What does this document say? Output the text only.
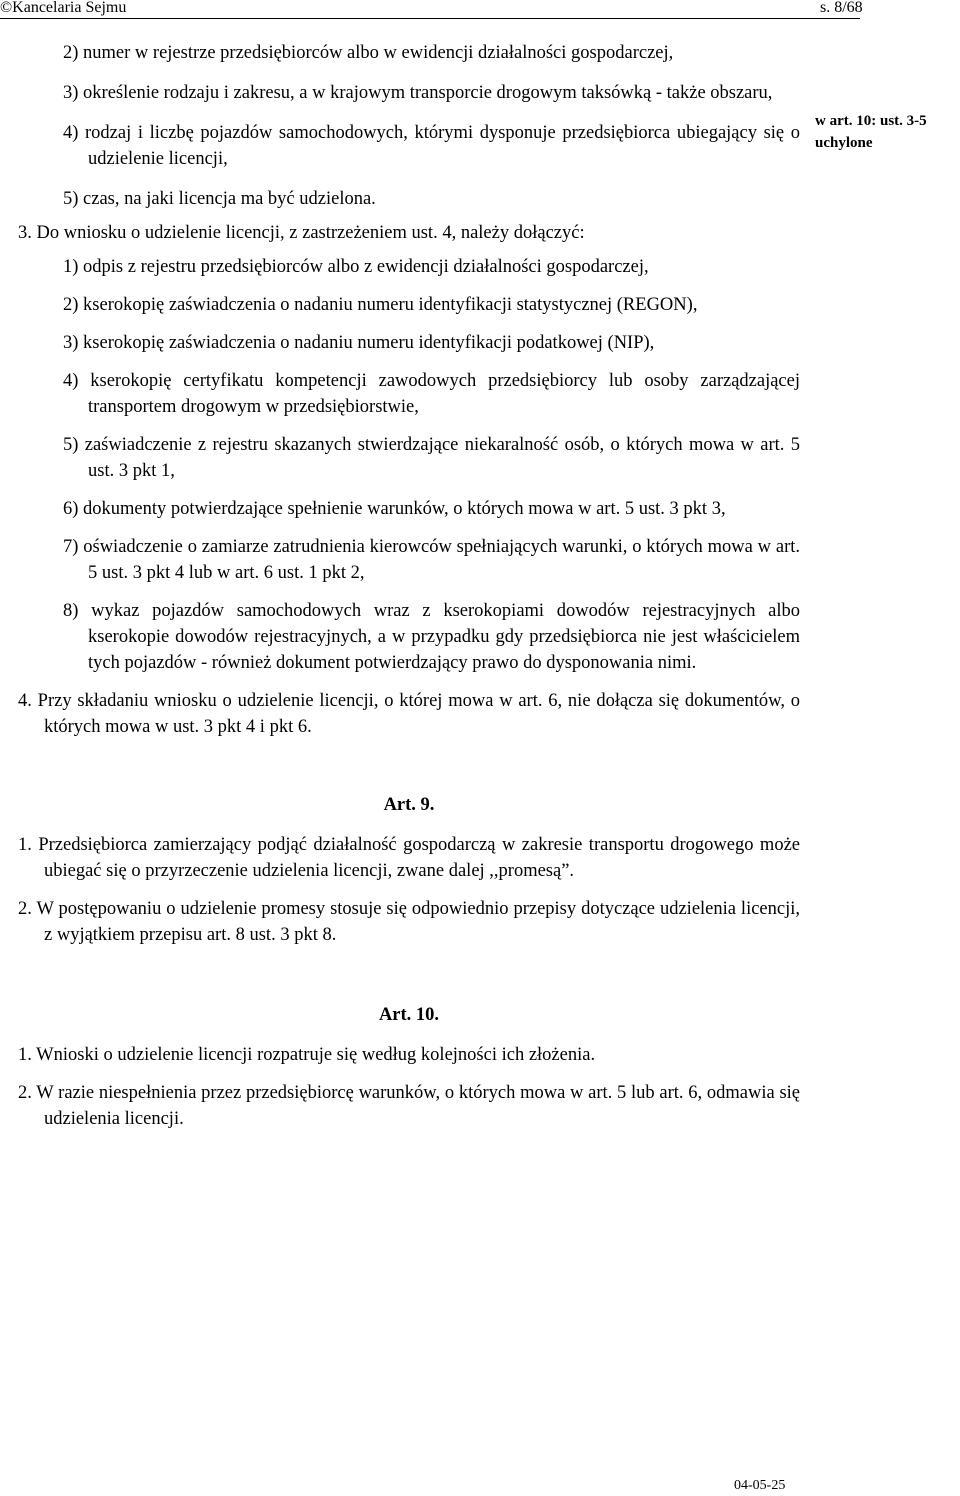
©Kancelaria Sejmu	s. 8/68
w art. 10: ust. 3-5
uchylone

2) numer w rejestrze przedsiębiorców albo w ewidencji działalności gospodarczej,

3) określenie rodzaju i zakresu, a w krajowym transporcie drogowym taksówką - także obszaru,

4) rodzaj i liczbę pojazdów samochodowych, którymi dysponuje przedsiębiorca ubiegający się o udzielenie licencji,

5) czas, na jaki licencja ma być udzielona.

3. Do wniosku o udzielenie licencji, z zastrzeżeniem ust. 4, należy dołączyć:

1) odpis z rejestru przedsiębiorców albo z ewidencji działalności gospodarczej,

2) kserokopię zaświadczenia o nadaniu numeru identyfikacji statystycznej (REGON),

3) kserokopię zaświadczenia o nadaniu numeru identyfikacji podatkowej (NIP),

4) kserokopię certyfikatu kompetencji zawodowych przedsiębiorcy lub osoby zarządzającej transportem drogowym w przedsiębiorstwie,

5) zaświadczenie z rejestru skazanych stwierdzające niekaralność osób, o których mowa w art. 5 ust. 3 pkt 1,

6) dokumenty potwierdzające spełnienie warunków, o których mowa w art. 5 ust. 3 pkt 3,

7) oświadczenie o zamiarze zatrudnienia kierowców spełniających warunki, o których mowa w art. 5 ust. 3 pkt 4 lub w art. 6 ust. 1 pkt 2,

8) wykaz pojazdów samochodowych wraz z kserokopiami dowodów rejestracyjnych albo kserokopie dowodów rejestracyjnych, a w przypadku gdy przedsiębiorca nie jest właścicielem tych pojazdów - również dokument potwierdzający prawo do dysponowania nimi.

4. Przy składaniu wniosku o udzielenie licencji, o której mowa w art. 6, nie dołącza się dokumentów, o których mowa w ust. 3 pkt 4 i pkt 6.

Art. 9.

1. Przedsiębiorca zamierzający podjąć działalność gospodarczą w zakresie transportu drogowego może ubiegać się o przyrzeczenie udzielenia licencji, zwane dalej ,,promesą”.

2. W postępowaniu o udzielenie promesy stosuje się odpowiednio przepisy dotyczące udzielenia licencji, z wyjątkiem przepisu art. 8 ust. 3 pkt 8.

Art. 10.

1. Wnioski o udzielenie licencji rozpatruje się według kolejności ich złożenia.

2. W razie niespełnienia przez przedsiębiorcę warunków, o których mowa w art. 5 lub art. 6, odmawia się udzielenia licencji.

04-05-25
